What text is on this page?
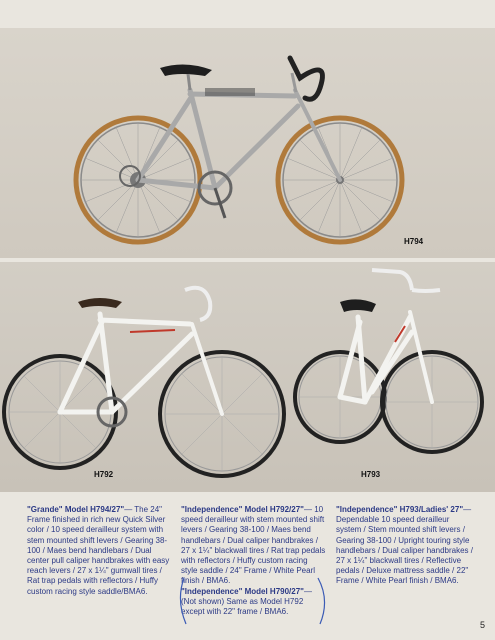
H794
H792	H793

"Grande" Model H794/27"— The 24" Frame finished in rich new Quick Silver color / 10 speed derailleur system with stem mounted shift levers / Gearing 38-100 / Maes bend handlebars / Dual center pull caliper handbrakes with easy reach levers / 27 x 1¼" gumwall tires / Rat trap pedals with reflectors / Huffy custom racing style saddle/BMA6.

"Independence" Model H792/27"— 10 speed derailleur with stem mounted shift levers / Gearing 38-100 / Maes bend handlebars / Dual caliper handbrakes / 27 x 1¼" blackwall tires / Rat trap pedals with reflectors / Huffy custom racing style saddle / 24" Frame / White Pearl finish / BMA6.

"Independence" Model H790/27"— (Not shown) Same as Model H792 except with 22" frame / BMA6.

"Independence" H793/Ladies' 27"— Dependable 10 speed derailleur system / Stem mounted shift levers / Gearing 38-100 / Upright touring style handlebars / Dual caliper handbrakes / 27 x 1¼" blackwall tires / Reflective pedals / Deluxe mattress saddle / 22" Frame / White Pearl finish / BMA6.

5
